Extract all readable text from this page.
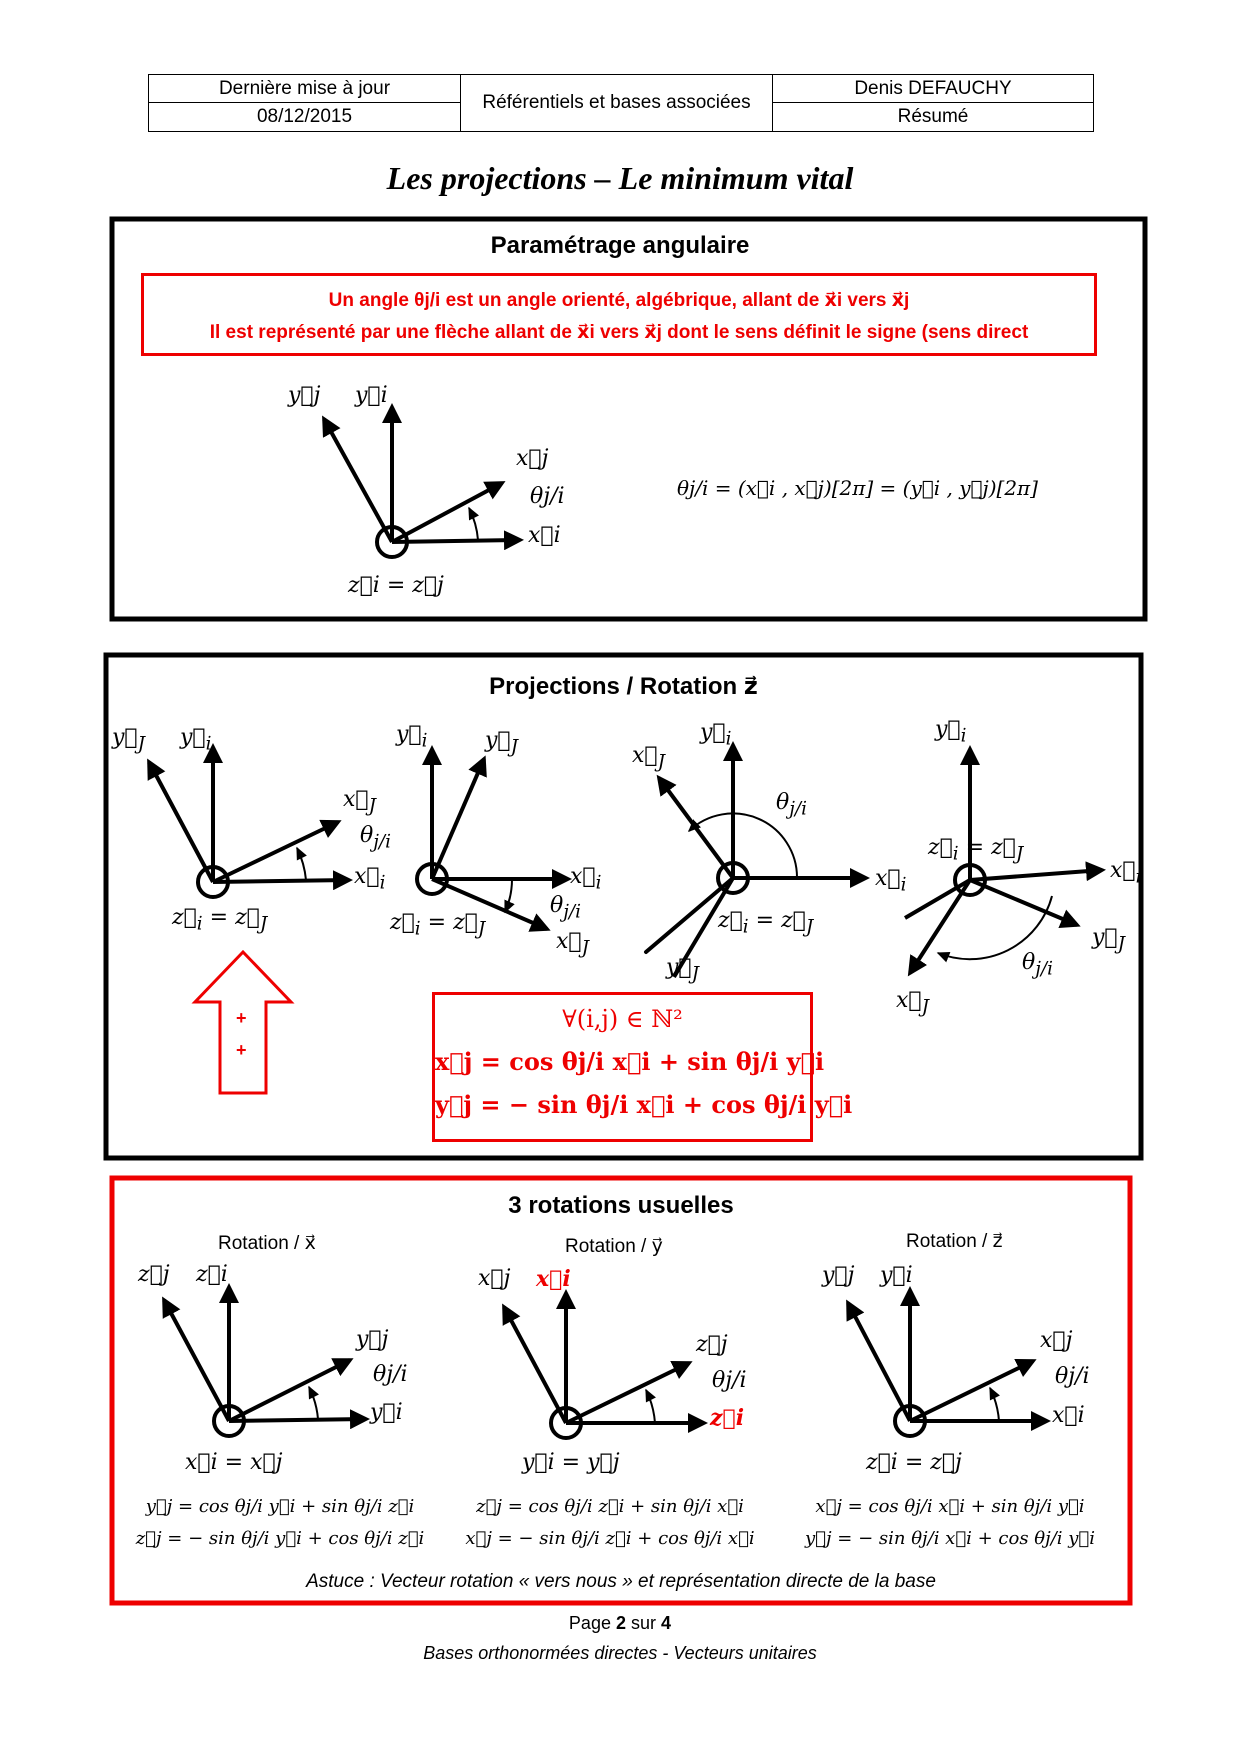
Dernière mise à jour
08/12/2015
Référentiels et bases associées
Denis DEFAUCHY
Résumé
Les projections – Le minimum vital
Paramétrage angulaire
Un angle θj/i est un angle orienté, algébrique, allant de x⃗i vers x⃗j
Il est représenté par une flèche allant de x⃗i vers x⃗j dont le sens définit le signe (sens direct
y⃗j y⃗i
x⃗j
θj/i
x⃗i
z⃗i = z⃗j
θj/i = (x⃗i , x⃗j)[2π] = (y⃗i , y⃗j)[2π]
Projections / Rotation z⃗
$y⃗_J$ $y⃗_i$
$x⃗_J$
$\theta_{j/i}$
$x⃗_i$
$z⃗_i$ = $z⃗_J$
$y⃗_i$	$y⃗_J$
$x⃗_i$
$\theta_{j/i}$
$x⃗_J$
$z⃗_i$ = $z⃗_J$
$y⃗_i$
$x⃗_J$
$\theta_{j/i}$
$x⃗_i$
$z⃗_i$ = $z⃗_J$
$y⃗_J$
$y⃗_i$
$z⃗_i$ = $z⃗_J$
$x⃗_i$
$y⃗_J$
$\theta_{j/i}$
$x⃗_J$
+
+
∀(i,j) ∈ ℕ²
x⃗j = cos θj/i x⃗i + sin θj/i y⃗i
y⃗j = − sin θj/i x⃗i + cos θj/i y⃗i
3 rotations usuelles
Rotation / x⃗
z⃗j z⃗i
y⃗j
θj/i
y⃗i
x⃗i = x⃗j
y⃗j = cos θj/i y⃗i + sin θj/i z⃗i
z⃗j = − sin θj/i y⃗i + cos θj/i z⃗i
Rotation / y⃗
x⃗j x⃗i
z⃗j
θj/i
z⃗i
y⃗i = y⃗j
z⃗j = cos θj/i z⃗i + sin θj/i x⃗i
x⃗j = − sin θj/i z⃗i + cos θj/i x⃗i
Rotation / z⃗
y⃗j y⃗i
x⃗j
θj/i
x⃗i
z⃗i = z⃗j
x⃗j = cos θj/i x⃗i + sin θj/i y⃗i
y⃗j = − sin θj/i x⃗i + cos θj/i y⃗i
Astuce : Vecteur rotation « vers nous » et représentation directe de la base
Page 2 sur 4
Bases orthonormées directes - Vecteurs unitaires
